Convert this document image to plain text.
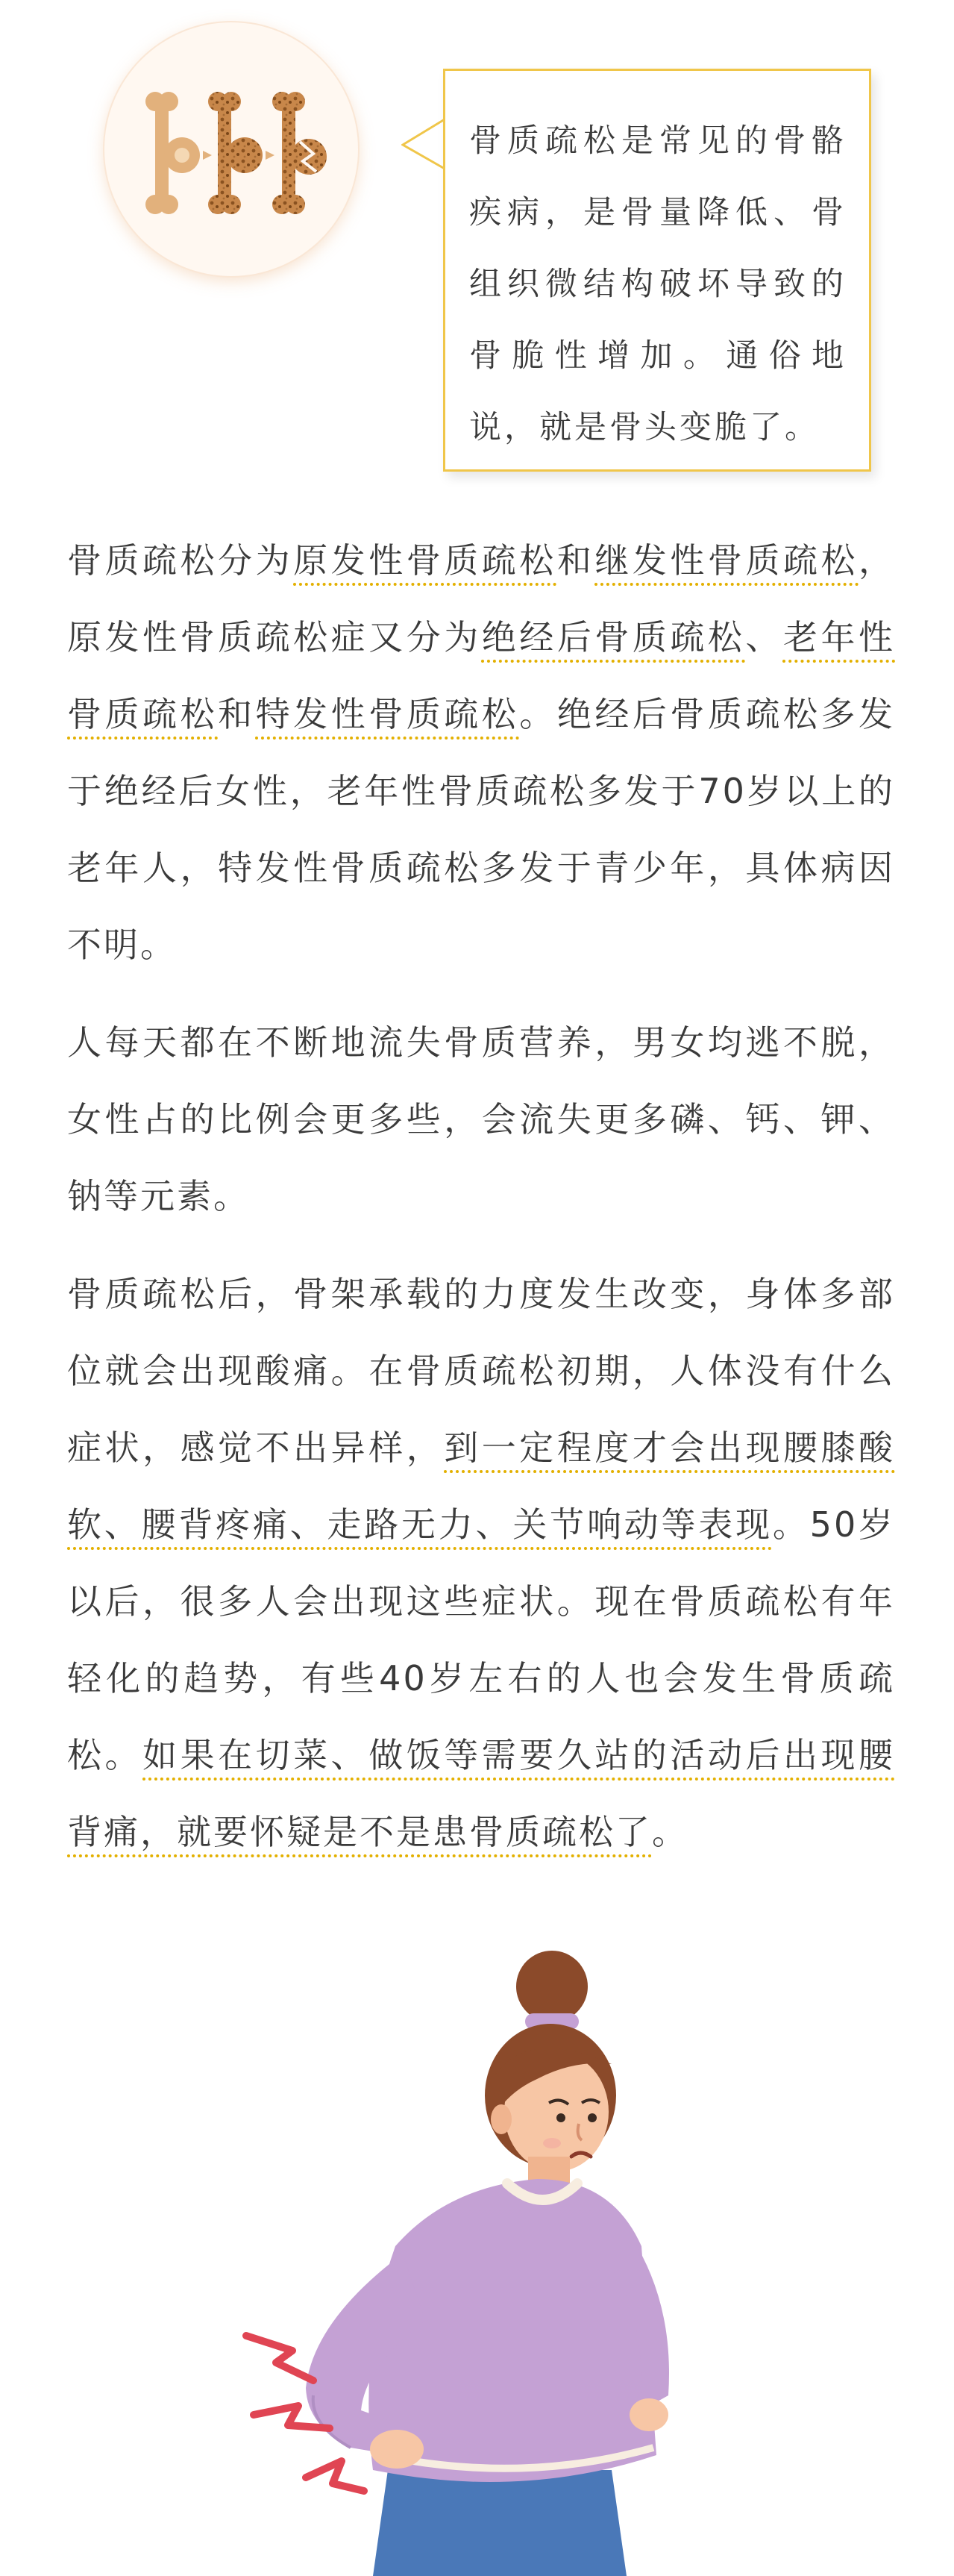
骨质疏松是常见的骨骼疾病，是骨量降低、骨组织微结构破坏导致的骨脆性增加。通俗地说，就是骨头变脆了。

骨质疏松分为原发性骨质疏松和继发性骨质疏松，原发性骨质疏松症又分为绝经后骨质疏松、老年性骨质疏松和特发性骨质疏松。绝经后骨质疏松多发于绝经后女性，老年性骨质疏松多发于70岁以上的老年人，特发性骨质疏松多发于青少年，具体病因不明。

人每天都在不断地流失骨质营养，男女均逃不脱，女性占的比例会更多些，会流失更多磷、钙、钾、钠等元素。

骨质疏松后，骨架承载的力度发生改变，身体多部位就会出现酸痛。在骨质疏松初期，人体没有什么症状，感觉不出异样，到一定程度才会出现腰膝酸软、腰背疼痛、走路无力、关节响动等表现。50岁以后，很多人会出现这些症状。现在骨质疏松有年轻化的趋势，有些40岁左右的人也会发生骨质疏松。如果在切菜、做饭等需要久站的活动后出现腰背痛，就要怀疑是不是患骨质疏松了。
